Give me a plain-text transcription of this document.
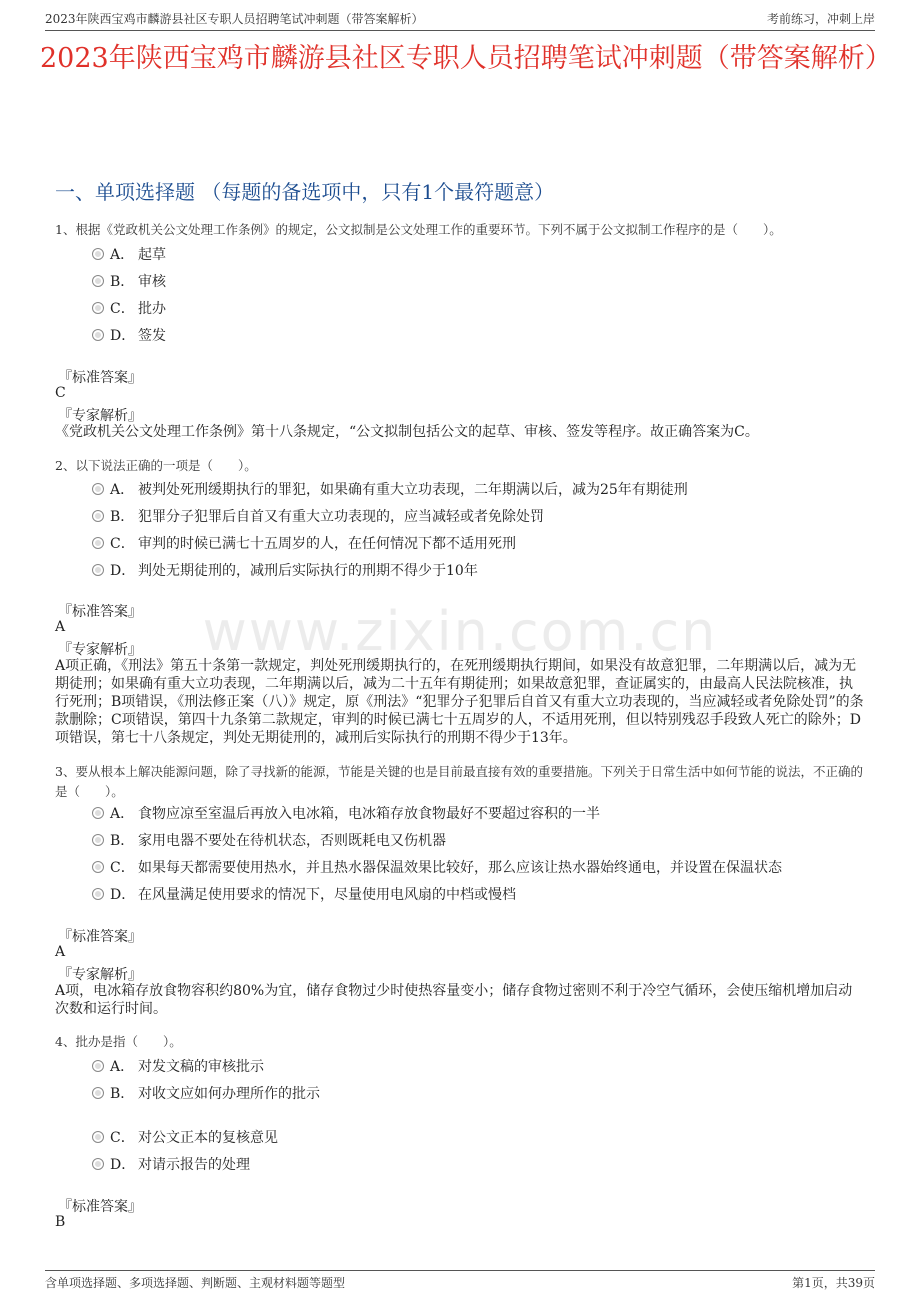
2023年陕西宝鸡市麟游县社区专职人员招聘笔试冲刺题（带答案解析）	考前练习，冲刺上岸
2023年陕西宝鸡市麟游县社区专职人员招聘笔试冲刺题（带答案解析）
一、单项选择题 （每题的备选项中，只有1个最符题意）
www.zixin.com.cn
1、根据《党政机关公文处理工作条例》的规定，公文拟制是公文处理工作的重要环节。下列不属于公文拟制工作程序的是（　　）。
A． 起草
B． 审核
C． 批办
D． 签发
『标准答案』
C
『专家解析』
《党政机关公文处理工作条例》第十八条规定，“公文拟制包括公文的起草、审核、签发等程序。故正确答案为C。
2、以下说法正确的一项是（　　）。
A． 被判处死刑缓期执行的罪犯，如果确有重大立功表现，二年期满以后，减为25年有期徒刑
B． 犯罪分子犯罪后自首又有重大立功表现的，应当减轻或者免除处罚
C． 审判的时候已满七十五周岁的人，在任何情况下都不适用死刑
D． 判处无期徒刑的，减刑后实际执行的刑期不得少于10年
『标准答案』
A
『专家解析』
A项正确，《刑法》第五十条第一款规定，判处死刑缓期执行的，在死刑缓期执行期间，如果没有故意犯罪，二年期满以后，减为无期徒刑；如果确有重大立功表现，二年期满以后，减为二十五年有期徒刑；如果故意犯罪，查证属实的，由最高人民法院核准，执行死刑；B项错误，《刑法修正案（八）》规定，原《刑法》“犯罪分子犯罪后自首又有重大立功表现的，当应减轻或者免除处罚”的条款删除；C项错误，第四十九条第二款规定，审判的时候已满七十五周岁的人，不适用死刑，但以特别残忍手段致人死亡的除外；D项错误，第七十八条规定，判处无期徒刑的，减刑后实际执行的刑期不得少于13年。
3、要从根本上解决能源问题，除了寻找新的能源，节能是关键的也是目前最直接有效的重要措施。下列关于日常生活中如何节能的说法，不正确的是（　　）。
A． 食物应凉至室温后再放入电冰箱，电冰箱存放食物最好不要超过容积的一半
B． 家用电器不要处在待机状态，否则既耗电又伤机器
C． 如果每天都需要使用热水，并且热水器保温效果比较好，那么应该让热水器始终通电，并设置在保温状态
D． 在风量满足使用要求的情况下，尽量使用电风扇的中档或慢档
『标准答案』
A
『专家解析』
A项，电冰箱存放食物容积约80%为宜，储存食物过少时使热容量变小；储存食物过密则不利于冷空气循环，会使压缩机增加启动次数和运行时间。
4、批办是指（　　）。
A． 对发文稿的审核批示
B． 对收文应如何办理所作的批示
C． 对公文正本的复核意见
D． 对请示报告的处理
『标准答案』
B
含单项选择题、多项选择题、判断题、主观材料题等题型	第1页，共39页
